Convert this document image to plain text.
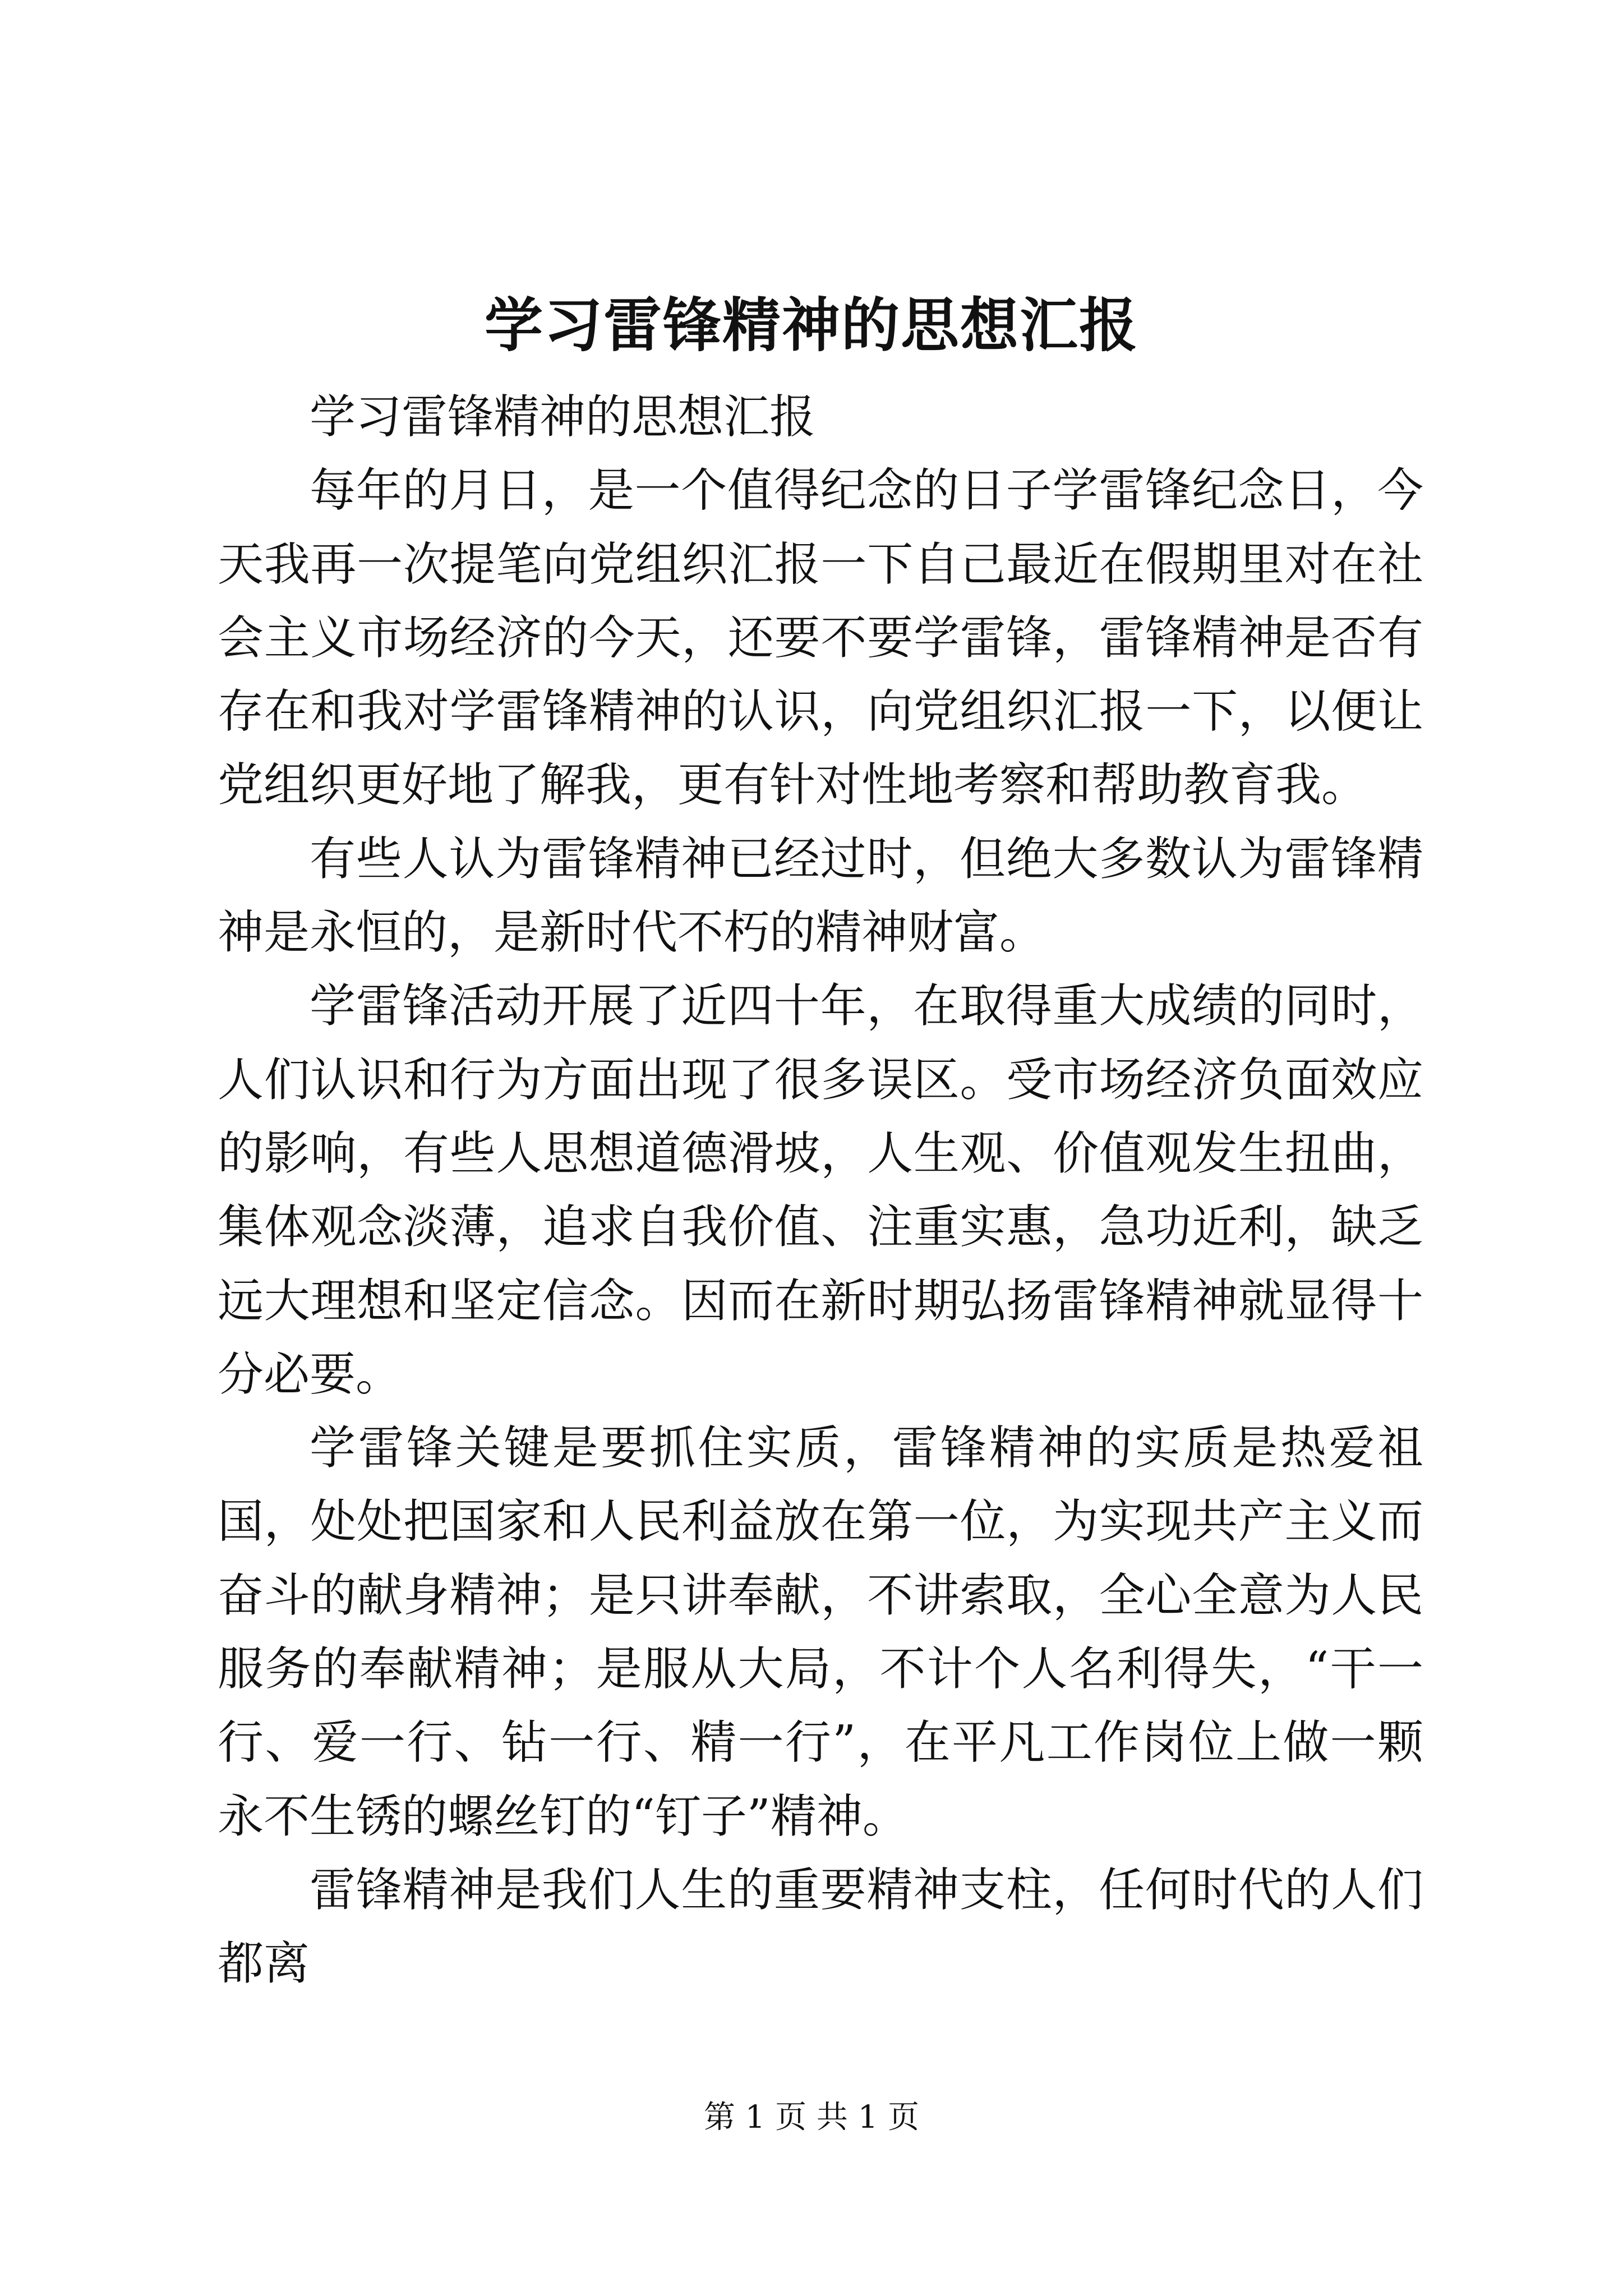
学习雷锋精神的思想汇报

学习雷锋精神的思想汇报

每年的月日，是一个值得纪念的日子学雷锋纪念日，今天我再一次提笔向党组织汇报一下自己最近在假期里对在社会主义市场经济的今天，还要不要学雷锋，雷锋精神是否有存在和我对学雷锋精神的认识，向党组织汇报一下，以便让党组织更好地了解我，更有针对性地考察和帮助教育我。

有些人认为雷锋精神已经过时，但绝大多数认为雷锋精神是永恒的，是新时代不朽的精神财富。

学雷锋活动开展了近四十年，在取得重大成绩的同时，人们认识和行为方面出现了很多误区。受市场经济负面效应的影响，有些人思想道德滑坡，人生观、价值观发生扭曲，集体观念淡薄，追求自我价值、注重实惠，急功近利，缺乏远大理想和坚定信念。因而在新时期弘扬雷锋精神就显得十分必要。

学雷锋关键是要抓住实质，雷锋精神的实质是热爱祖国，处处把国家和人民利益放在第一位，为实现共产主义而奋斗的献身精神；是只讲奉献，不讲索取，全心全意为人民服务的奉献精神；是服从大局，不计个人名利得失，“干一行、爱一行、钻一行、精一行”，在平凡工作岗位上做一颗永不生锈的螺丝钉的“钉子”精神。

雷锋精神是我们人生的重要精神支柱，任何时代的人们都离

第 1 页 共 1 页
